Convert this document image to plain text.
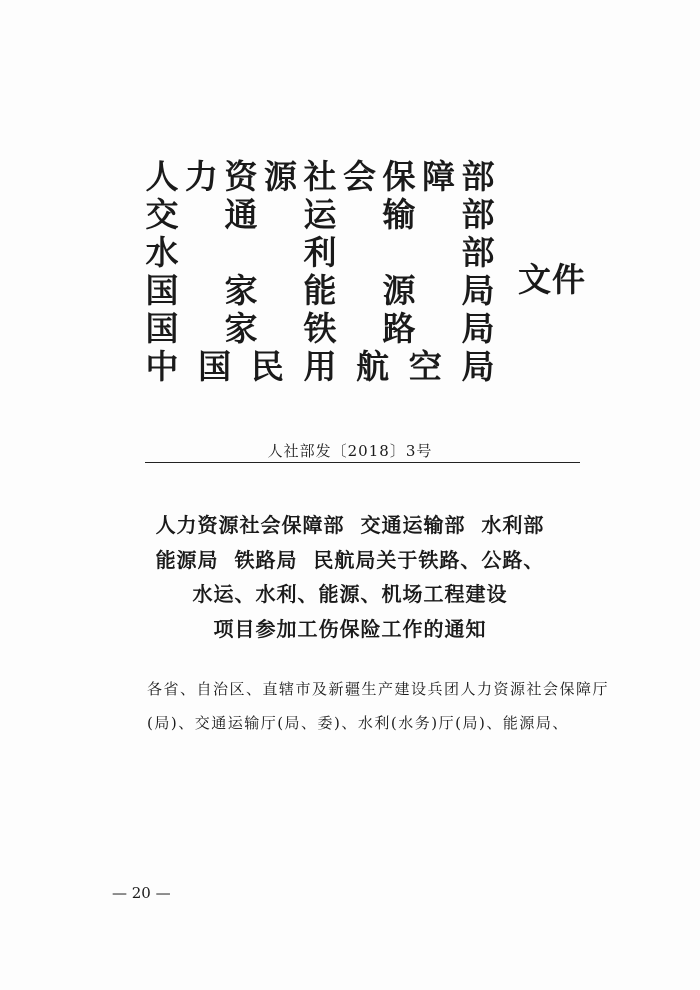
人 力 资 源 社 会 保 障 部
交 通 运 输 部
水	利	部
国 家 能 源 局
国 家 铁 路 局
中 国 民 用 航 空 局
文件
人社部发〔2018〕3号
人力资源社会保障部  交通运输部  水利部
能源局  铁路局  民航局关于铁路、公路、
水运、水利、能源、机场工程建设
项目参加工伤保险工作的通知
各省、自治区、直辖市及新疆生产建设兵团人力资源社会保障厅
(局)、交通运输厅(局、委)、水利(水务)厅(局)、能源局、
— 20 —
